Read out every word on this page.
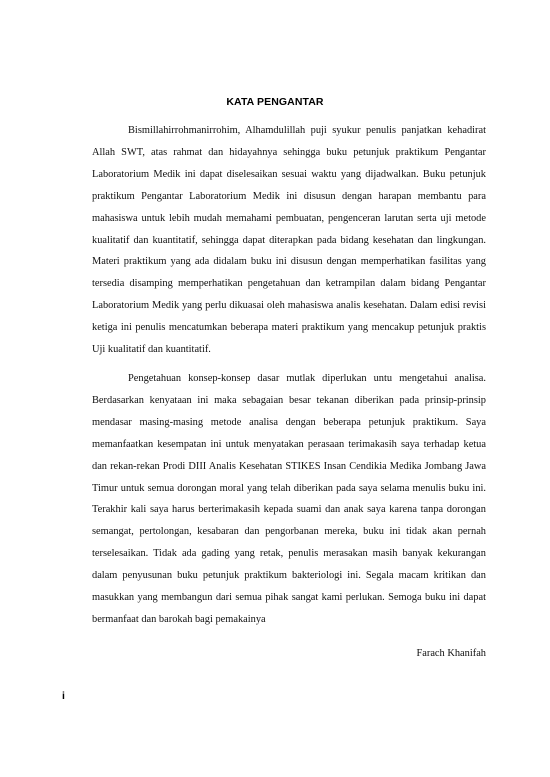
KATA PENGANTAR

Bismillahirrohmanirrohim, Alhamdulillah puji syukur penulis panjatkan kehadirat Allah SWT, atas rahmat dan hidayahnya sehingga buku petunjuk praktikum Pengantar Laboratorium Medik ini dapat diselesaikan sesuai waktu yang dijadwalkan. Buku petunjuk praktikum Pengantar Laboratorium Medik ini disusun dengan harapan membantu para mahasiswa untuk lebih mudah memahami pembuatan, pengenceran larutan serta uji metode kualitatif dan kuantitatif, sehingga dapat diterapkan pada bidang kesehatan dan lingkungan. Materi praktikum yang ada didalam buku ini disusun dengan memperhatikan fasilitas yang tersedia disamping memperhatikan pengetahuan dan ketrampilan dalam bidang Pengantar Laboratorium Medik yang perlu dikuasai oleh mahasiswa analis kesehatan. Dalam edisi revisi ketiga ini penulis mencatumkan beberapa materi praktikum yang mencakup petunjuk praktis Uji kualitatif dan kuantitatif.

Pengetahuan konsep-konsep dasar mutlak diperlukan untu mengetahui analisa. Berdasarkan kenyataan ini maka sebagaian besar tekanan diberikan pada prinsip-prinsip mendasar masing-masing metode analisa dengan beberapa petunjuk praktikum. Saya memanfaatkan kesempatan ini untuk menyatakan perasaan terimakasih saya terhadap ketua dan rekan-rekan Prodi DIII Analis Kesehatan STIKES Insan Cendikia Medika Jombang Jawa Timur untuk semua dorongan moral yang telah diberikan pada saya selama menulis buku ini. Terakhir kali saya harus berterimakasih kepada suami dan anak saya karena tanpa dorongan semangat, pertolongan, kesabaran dan pengorbanan mereka, buku ini tidak akan pernah terselesaikan. Tidak ada gading yang retak, penulis merasakan masih banyak kekurangan dalam penyusunan buku petunjuk praktikum bakteriologi ini. Segala macam kritikan dan masukkan yang membangun dari semua pihak sangat kami perlukan. Semoga buku ini dapat bermanfaat dan barokah bagi pemakainya

Farach Khanifah
i
